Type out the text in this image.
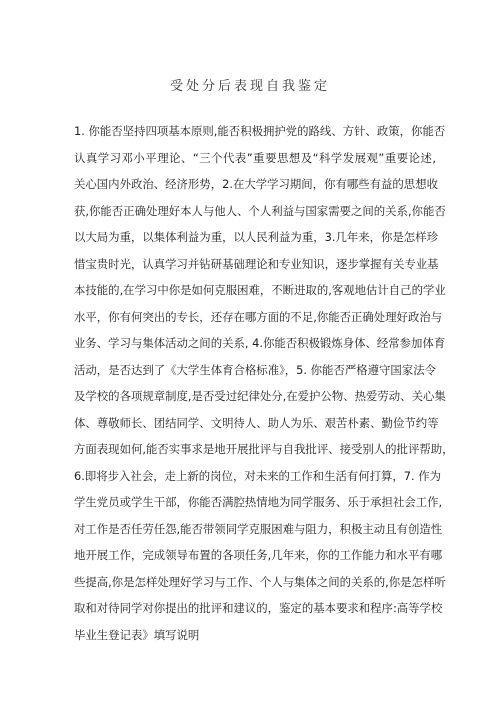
受处分后表现自我鉴定
1. 你能否坚持四项基本原则,能否积极拥护党的路线、方针、政策，你能否
认真学习邓小平理论、“三个代表”重要思想及“科学发展观”重要论述,
关心国内外政治、经济形势，2.在大学学习期间，你有哪些有益的思想收
获,你能否正确处理好本人与他人、个人利益与国家需要之间的关系,你能否
以大局为重，以集体利益为重，以人民利益为重，3.几年来，你是怎样珍
惜宝贵时光，认真学习并钻研基础理论和专业知识，逐步掌握有关专业基
本技能的,在学习中你是如何克服困难，不断进取的,客观地估计自己的学业
水平，你有何突出的专长，还存在哪方面的不足,你能否正确处理好政治与
业务、学习与集体活动之间的关系, 4.你能否积极锻炼身体、经常参加体育
活动，是否达到了《大学生体育合格标准》，5. 你能否严格遵守国家法令
及学校的各项规章制度,是否受过纪律处分,在爱护公物、热爱劳动、关心集
体、尊敬师长、团结同学、文明待人、助人为乐、艰苦朴素、勤俭节约等
方面表现如何,能否实事求是地开展批评与自我批评、接受别人的批评帮助，
6.即将步入社会，走上新的岗位，对未来的工作和生活有何打算，7. 作为
学生党员或学生干部，你能否满腔热情地为同学服务、乐于承担社会工作,
对工作是否任劳任怨,能否带领同学克服困难与阻力，积极主动且有创造性
地开展工作，完成领导布置的各项任务,几年来，你的工作能力和水平有哪
些提高,你是怎样处理好学习与工作、个人与集体之间的关系的,你是怎样听
取和对待同学对你提出的批评和建议的，鉴定的基本要求和程序:高等学校
毕业生登记表》填写说明
